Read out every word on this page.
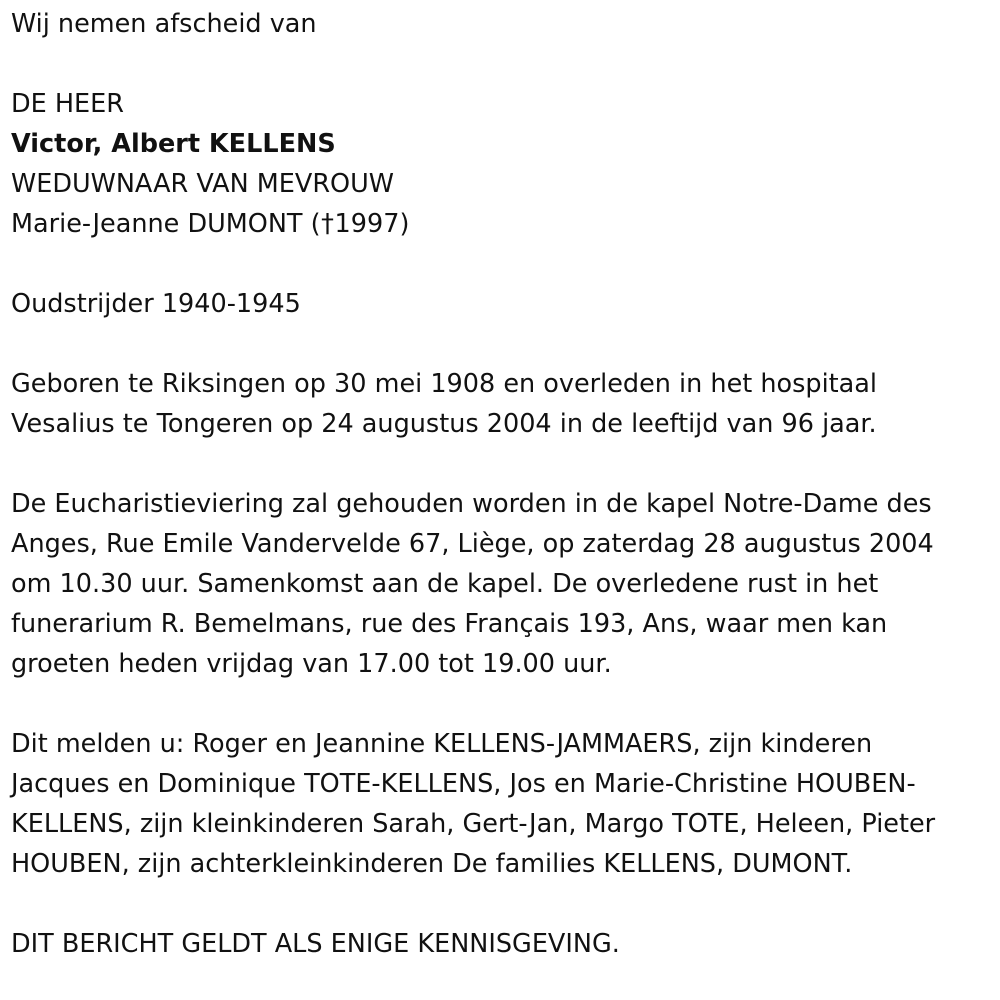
Wij nemen afscheid van
DE HEER
Victor, Albert KELLENS
WEDUWNAAR VAN MEVROUW
Marie-Jeanne DUMONT (†1997)
Oudstrijder 1940-1945
Geboren te Riksingen op 30 mei 1908 en overleden in het hospitaal
Vesalius te Tongeren op 24 augustus 2004 in de leeftijd van 96 jaar.
De Eucharistieviering zal gehouden worden in de kapel Notre-Dame des
Anges, Rue Emile Vandervelde 67, Liège, op zaterdag 28 augustus 2004
om 10.30 uur. Samenkomst aan de kapel. De overledene rust in het
funerarium R. Bemelmans, rue des Français 193, Ans, waar men kan
groeten heden vrijdag van 17.00 tot 19.00 uur.
Dit melden u: Roger en Jeannine KELLENS-JAMMAERS, zijn kinderen
Jacques en Dominique TOTE-KELLENS, Jos en Marie-Christine HOUBEN-
KELLENS, zijn kleinkinderen Sarah, Gert-Jan, Margo TOTE, Heleen, Pieter
HOUBEN, zijn achterkleinkinderen De families KELLENS, DUMONT.
DIT BERICHT GELDT ALS ENIGE KENNISGEVING.
